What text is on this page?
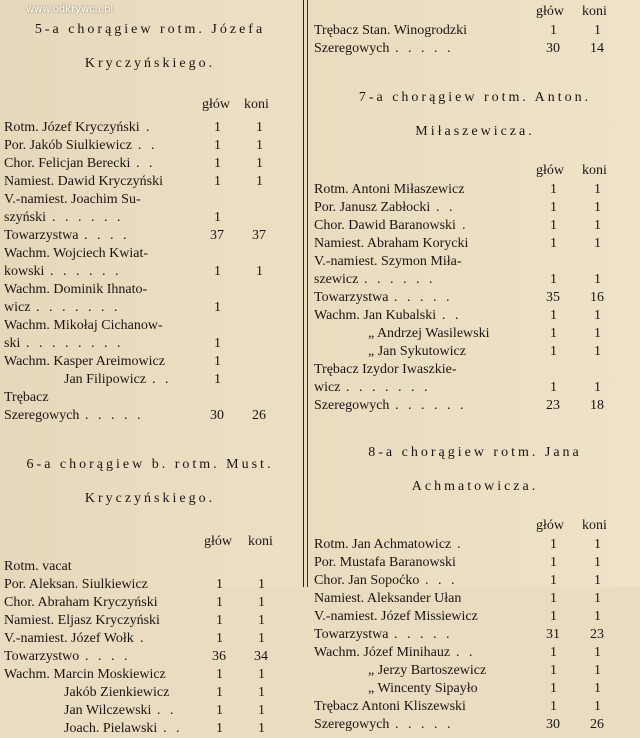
www.odkrywca.pl

5-a chorągiew rotm. Józefa

Kryczyńskiego.

głów koni
Rotm. Józef Kryczyński .	1	1
Por. Jakób Siulkiewicz . .	1	1
Chor. Felicjan Berecki . .	1	1
Namiest. Dawid Kryczyński	1	1
V.-namiest. Joachim Su-
szyński . . . . . .	1
Towarzystwa . . . .	37 37
Wachm. Wojciech Kwiat-
kowski . . . . . .	1	1
Wachm. Dominik Ihnato-
wicz . . . . . . .	1
Wachm. Mikołaj Cichanow-
ski . . . . . . . .	1
Wachm. Kasper Areimowicz	1
Jan Filipowicz . .	1
Trębacz
Szeregowych . . . . .	30 26

6-a chorągiew b. rotm. Must.

Kryczyńskiego.

głów koni
Rotm. vacat
Por. Aleksan. Siulkiewicz	1	1
Chor. Abraham Kryczyński	1	1
Namiest. Eljasz Kryczyński	1	1
V.-namiest. Józef Wołk .	1	1
Towarzystwo . . . .	36 34
Wachm. Marcin Moskiewicz	1	1
Jakób Zienkiewicz	1	1
Jan Wilczewski . .	1	1
Joach. Pielawski . . 1	1
głów koni
Trębacz Stan. Winogrodzki	1	1
Szeregowych . . . . .	30 14

7-a chorągiew rotm. Anton.

Miłaszewicza.

głów koni
Rotm. Antoni Miłaszewicz	1	1
Por. Janusz Zabłocki . .	1	1
Chor. Dawid Baranowski .	1	1
Namiest. Abraham Korycki	1	1
V.-namiest. Szymon Miła-
szewicz . . . . . .	1	1
Towarzystwa . . . . .	35 16
Wachm. Jan Kubalski . .	1	1
„ Andrzej Wasilewski	1	1
„ Jan Sykutowicz	1	1
Trębacz Izydor Iwaszkie-
wicz . . . . . . .	1	1
Szeregowych . . . . . .	23 18

8-a chorągiew rotm. Jana

Achmatowicza.

głów koni
Rotm. Jan Achmatowicz .	1	1
Por. Mustafa Baranowski	1	1
Chor. Jan Sopoćko . . .	1	1
Namiest. Aleksander Ułan	1	1
V.-namiest. Józef Missiewicz	1	1
Towarzystwa . . . . .	31 23
Wachm. Józef Minihauz . .	1	1
„ Jerzy Bartoszewicz	1	1
„ Wincenty Sipayło	1	1
Trębacz Antoni Kliszewski	1	1
Szeregowych . . . . .	30 26
